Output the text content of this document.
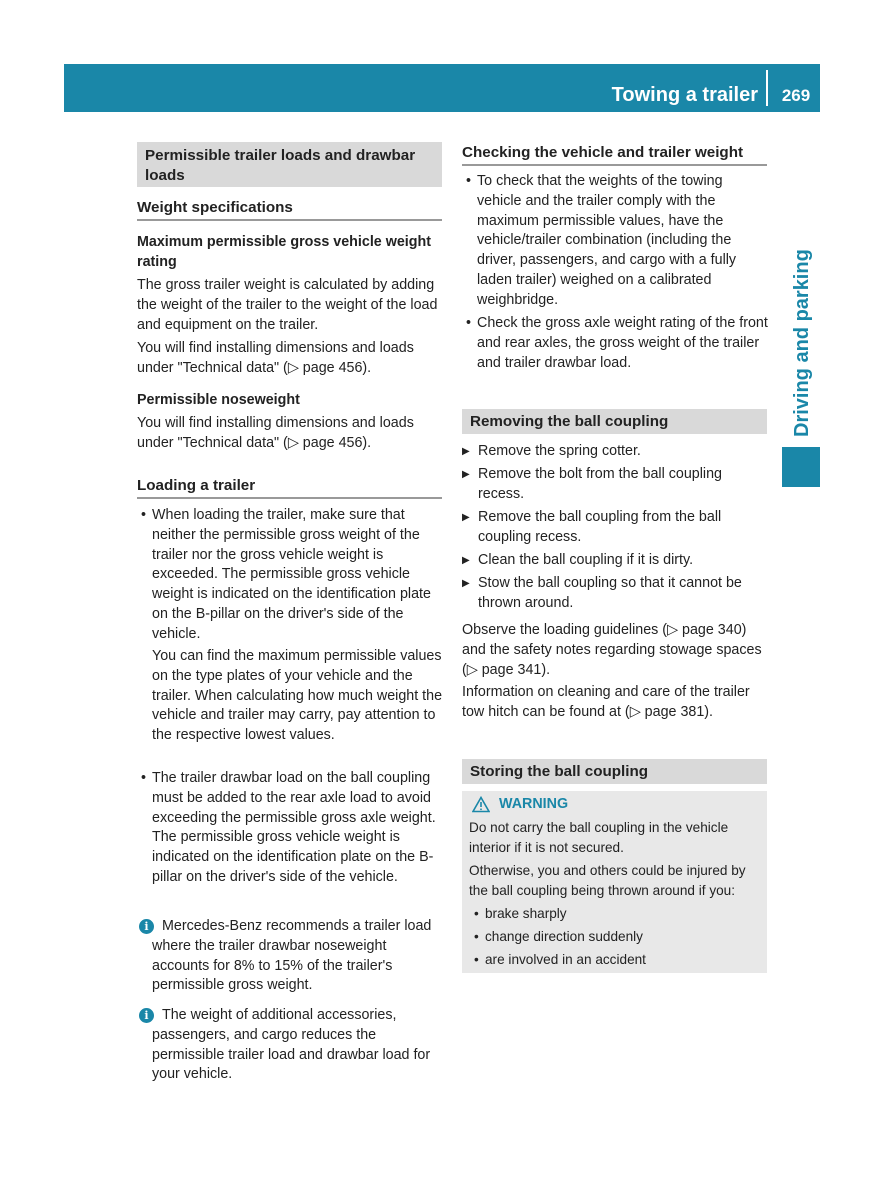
Towing a trailer	269
Driving and parking
Permissible trailer loads and drawbar loads
Weight specifications

Maximum permissible gross vehicle weight rating

The gross trailer weight is calculated by adding the weight of the trailer to the weight of the load and equipment on the trailer.

You will find installing dimensions and loads under "Technical data" (▷ page 456).

Permissible noseweight

You will find installing dimensions and loads under "Technical data" (▷ page 456).

Loading a trailer

• When loading the trailer, make sure that neither the permissible gross weight of the trailer nor the gross vehicle weight is exceeded. The permissible gross vehicle weight is indicated on the identification plate on the B-pillar on the driver's side of the vehicle.

You can find the maximum permissible values on the type plates of your vehicle and the trailer. When calculating how much weight the vehicle and trailer may carry, pay attention to the respective lowest values.

• The trailer drawbar load on the ball coupling must be added to the rear axle load to avoid exceeding the permissible gross axle weight. The permissible gross vehicle weight is indicated on the identification plate on the B-pillar on the driver's side of the vehicle.

i Mercedes-Benz recommends a trailer load where the trailer drawbar noseweight accounts for 8% to 15% of the trailer's permissible gross weight.

i The weight of additional accessories, passengers, and cargo reduces the permissible trailer load and drawbar load for your vehicle.

Checking the vehicle and trailer weight

• To check that the weights of the towing vehicle and the trailer comply with the maximum permissible values, have the vehicle/trailer combination (including the driver, passengers, and cargo with a fully laden trailer) weighed on a calibrated weighbridge.

• Check the gross axle weight rating of the front and rear axles, the gross weight of the trailer and trailer drawbar load.

Removing the ball coupling

▶ Remove the spring cotter.

▶ Remove the bolt from the ball coupling recess.

▶ Remove the ball coupling from the ball coupling recess.

▶ Clean the ball coupling if it is dirty.

▶ Stow the ball coupling so that it cannot be thrown around.

Observe the loading guidelines (▷ page 340) and the safety notes regarding stowage spaces (▷ page 341).

Information on cleaning and care of the trailer tow hitch can be found at (▷ page 381).

Storing the ball coupling
WARNING

Do not carry the ball coupling in the vehicle interior if it is not secured.

Otherwise, you and others could be injured by the ball coupling being thrown around if you:

• brake sharply

• change direction suddenly

• are involved in an accident
